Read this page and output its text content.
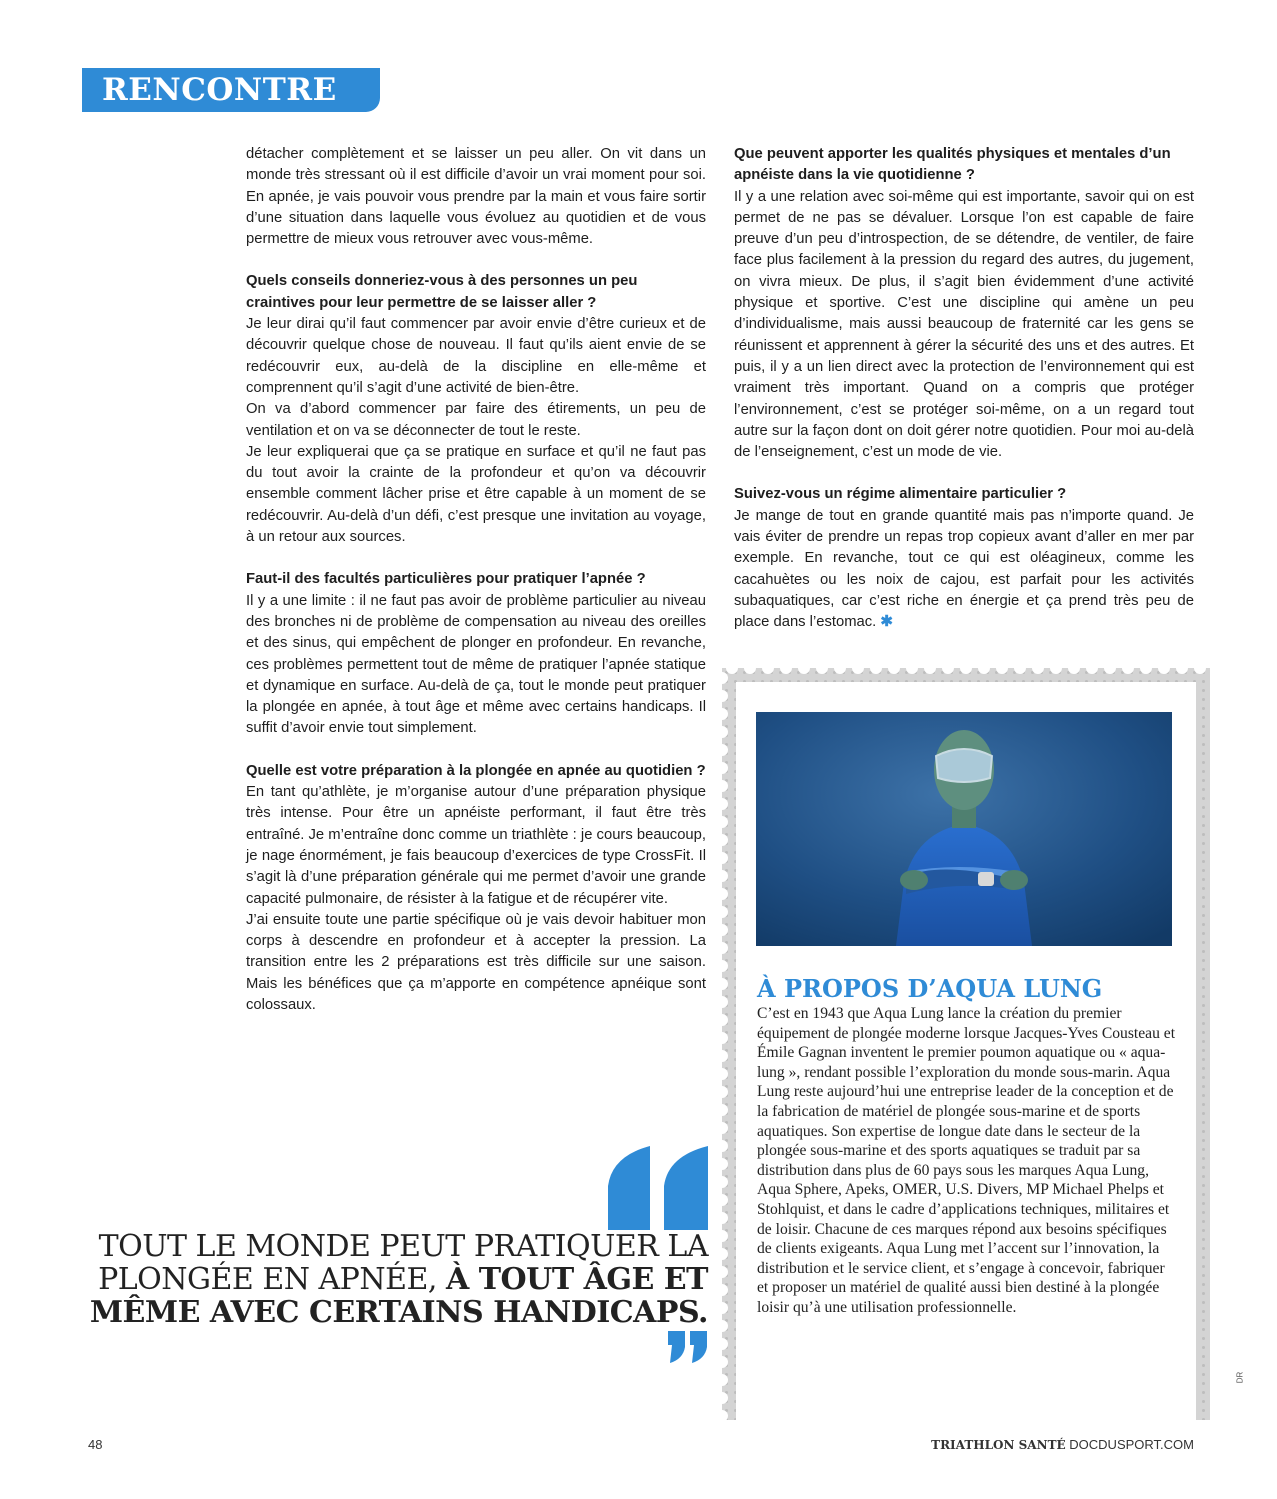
RENCONTRE

détacher complètement et se laisser un peu aller. On vit dans un monde très stressant où il est difficile d’avoir un vrai moment pour soi. En apnée, je vais pouvoir vous prendre par la main et vous faire sortir d’une situation dans laquelle vous évoluez au quotidien et de vous permettre de mieux vous retrouver avec vous-même.

Quels conseils donneriez-vous à des personnes un peu craintives pour leur permettre de se laisser aller ?

Je leur dirai qu’il faut commencer par avoir envie d’être curieux et de découvrir quelque chose de nouveau. Il faut qu’ils aient envie de se redécouvrir eux, au-delà de la discipline en elle-même et comprennent qu’il s’agit d’une activité de bien-être.

On va d’abord commencer par faire des étirements, un peu de ventilation et on va se déconnecter de tout le reste.

Je leur expliquerai que ça se pratique en surface et qu’il ne faut pas du tout avoir la crainte de la profondeur et qu’on va découvrir ensemble comment lâcher prise et être capable à un moment de se redécouvrir. Au-delà d’un défi, c’est presque une invitation au voyage, à un retour aux sources.

Faut-il des facultés particulières pour pratiquer l’apnée ?

Il y a une limite : il ne faut pas avoir de problème particulier au niveau des bronches ni de problème de compensation au niveau des oreilles et des sinus, qui empêchent de plonger en profondeur. En revanche, ces problèmes permettent tout de même de pratiquer l’apnée statique et dynamique en surface. Au-delà de ça, tout le monde peut pratiquer la plongée en apnée, à tout âge et même avec certains handicaps. Il suffit d’avoir envie tout simplement.

Quelle est votre préparation à la plongée en apnée au quotidien ?

En tant qu’athlète, je m’organise autour d’une préparation physique très intense. Pour être un apnéiste performant, il faut être très entraîné. Je m’entraîne donc comme un triathlète : je cours beaucoup, je nage énormément, je fais beaucoup d’exercices de type CrossFit. Il s’agit là d’une préparation générale qui me permet d’avoir une grande capacité pulmonaire, de résister à la fatigue et de récupérer vite.

J’ai ensuite toute une partie spécifique où je vais devoir habituer mon corps à descendre en profondeur et à accepter la pression. La transition entre les 2 préparations est très difficile sur une saison. Mais les bénéfices que ça m’apporte en compétence apnéique sont colossaux.

Que peuvent apporter les qualités physiques et mentales d’un apnéiste dans la vie quotidienne ?

Il y a une relation avec soi-même qui est importante, savoir qui on est permet de ne pas se dévaluer. Lorsque l’on est capable de faire preuve d’un peu d’introspection, de se détendre, de ventiler, de faire face plus facilement à la pression du regard des autres, du jugement, on vivra mieux. De plus, il s’agit bien évidemment d’une activité physique et sportive. C’est une discipline qui amène un peu d’individualisme, mais aussi beaucoup de fraternité car les gens se réunissent et apprennent à gérer la sécurité des uns et des autres. Et puis, il y a un lien direct avec la protection de l’environnement qui est vraiment très important. Quand on a compris que protéger l’environnement, c’est se protéger soi-même, on a un regard tout autre sur la façon dont on doit gérer notre quotidien. Pour moi au-delà de l’enseignement, c’est un mode de vie.

Suivez-vous un régime alimentaire particulier ?

Je mange de tout en grande quantité mais pas n’importe quand. Je vais éviter de prendre un repas trop copieux avant d’aller en mer par exemple. En revanche, tout ce qui est oléagineux, comme les cacahuètes ou les noix de cajou, est parfait pour les activités subaquatiques, car c’est riche en énergie et ça prend très peu de place dans l’estomac. ✱

À PROPOS D’AQUA LUNG
C’est en 1943 que Aqua Lung lance la création du premier équipement de plongée moderne lorsque Jacques-Yves Cousteau et Émile Gagnan inventent le premier poumon aquatique ou « aqua-lung », rendant possible l’exploration du monde sous-marin. Aqua Lung reste aujourd’hui une entreprise leader de la conception et de la fabrication de matériel de plongée sous-marine et de sports aquatiques. Son expertise de longue date dans le secteur de la plongée sous-marine et des sports aquatiques se traduit par sa distribution dans plus de 60 pays sous les marques Aqua Lung, Aqua Sphere, Apeks, OMER, U.S. Divers, MP Michael Phelps et Stohlquist, et dans le cadre d’applications techniques, militaires et de loisir. Chacune de ces marques répond aux besoins spécifiques de clients exigeants. Aqua Lung met l’accent sur l’innovation, la distribution et le service client, et s’engage à concevoir, fabriquer et proposer un matériel de qualité aussi bien destiné à la plongée loisir qu’à une utilisation professionnelle.
TOUT LE MONDE PEUT PRATIQUER LA PLONGÉE EN APNÉE, À TOUT ÂGE ET MÊME AVEC CERTAINS HANDICAPS.
DR
48	TRIATHLON SANTÉ DOCDUSPORT.COM
